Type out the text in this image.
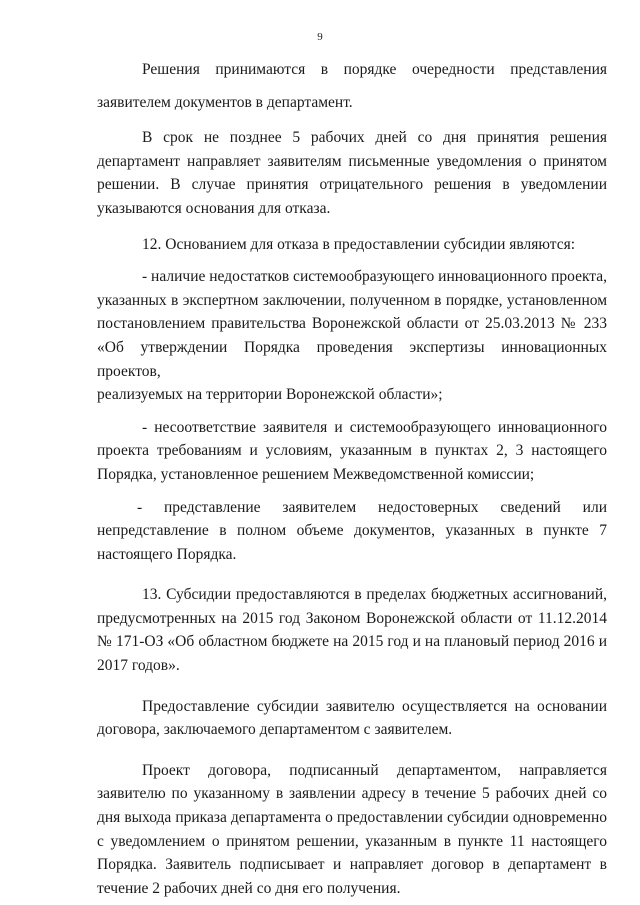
9

Решения принимаются в порядке очередности представления

заявителем документов в департамент.

В срок не позднее 5 рабочих дней со дня принятия решения департамент направляет заявителям письменные уведомления о принятом решении. В случае принятия отрицательного решения в уведомлении

указываются основания для отказа.

12. Основанием для отказа в предоставлении субсидии являются:

- наличие недостатков системообразующего инновационного проекта, указанных в экспертном заключении, полученном в порядке, установленном постановлением правительства Воронежской области от 25.03.2013 № 233 «Об утверждении Порядка проведения экспертизы инновационных проектов,

реализуемых на территории Воронежской области»;

- несоответствие заявителя и системообразующего инновационного проекта требованиям и условиям, указанным в пунктах 2, 3 настоящего

Порядка, установленное решением Межведомственной комиссии;

- представление заявителем недостоверных сведений или непредставление в полном объеме документов, указанных в пункте 7

настоящего Порядка.

13. Субсидии предоставляются в пределах бюджетных ассигнований, предусмотренных на 2015 год Законом Воронежской области от 11.12.2014 № 171-ОЗ «Об областном бюджете на 2015 год и на плановый период 2016 и

2017 годов».

Предоставление субсидии заявителю осуществляется на основании

договора, заключаемого департаментом с заявителем.

Проект договора, подписанный департаментом, направляется заявителю по указанному в заявлении адресу в течение 5 рабочих дней со дня выхода приказа департамента о предоставлении субсидии одновременно с уведомлением о принятом решении, указанным в пункте 11 настоящего Порядка. Заявитель подписывает и направляет договор в департамент в

течение 2 рабочих дней со дня его получения.
